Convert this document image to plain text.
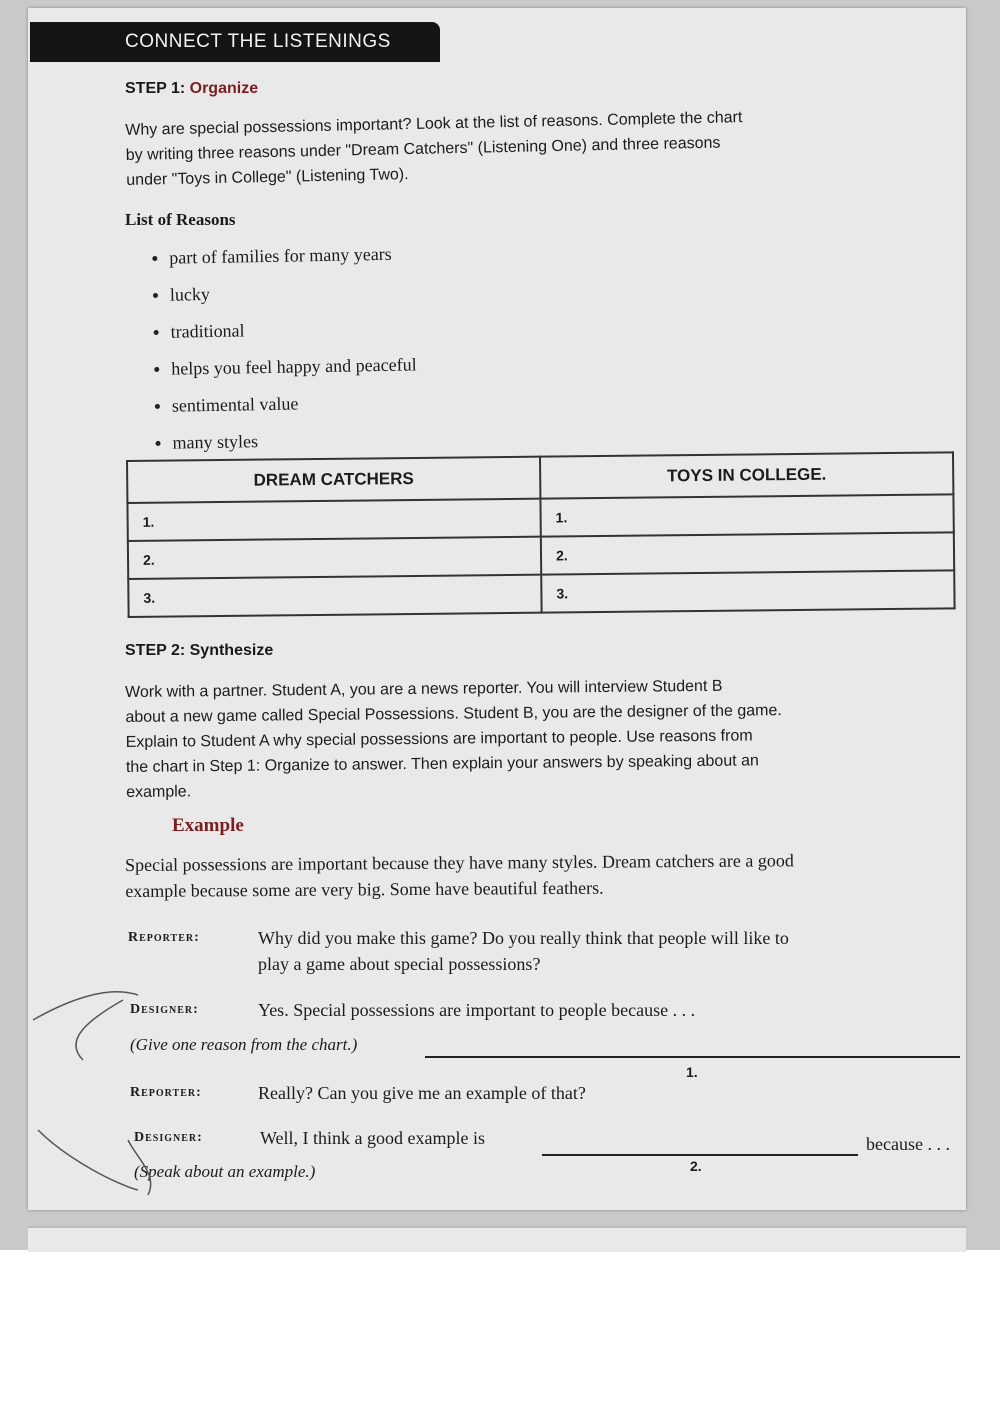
CONNECT THE LISTENINGS
STEP 1: Organize
Why are special possessions important? Look at the list of reasons. Complete the chart
by writing three reasons under "Dream Catchers" (Listening One) and three reasons
under "Toys in College" (Listening Two).
List of Reasons
part of families for many years
lucky
traditional
helps you feel happy and peaceful
sentimental value
many styles
DREAM CATCHERS	TOYS IN COLLEGE.
1.	1.
2.	2.
3.	3.
STEP 2: Synthesize
Work with a partner. Student A, you are a news reporter. You will interview Student B
about a new game called Special Possessions. Student B, you are the designer of the game.
Explain to Student A why special possessions are important to people. Use reasons from
the chart in Step 1: Organize to answer. Then explain your answers by speaking about an
example.
Example
Special possessions are important because they have many styles. Dream catchers are a good
example because some are very big. Some have beautiful feathers.
Reporter:	Why did you make this game? Do you really think that people will like to
play a game about special possessions?
Designer:	Yes. Special possessions are important to people because . . .
(Give one reason from the chart.)
1.
Reporter:	Really? Can you give me an example of that?
Designer:	Well, I think a good example is	because . . .
(Speak about an example.)	2.
